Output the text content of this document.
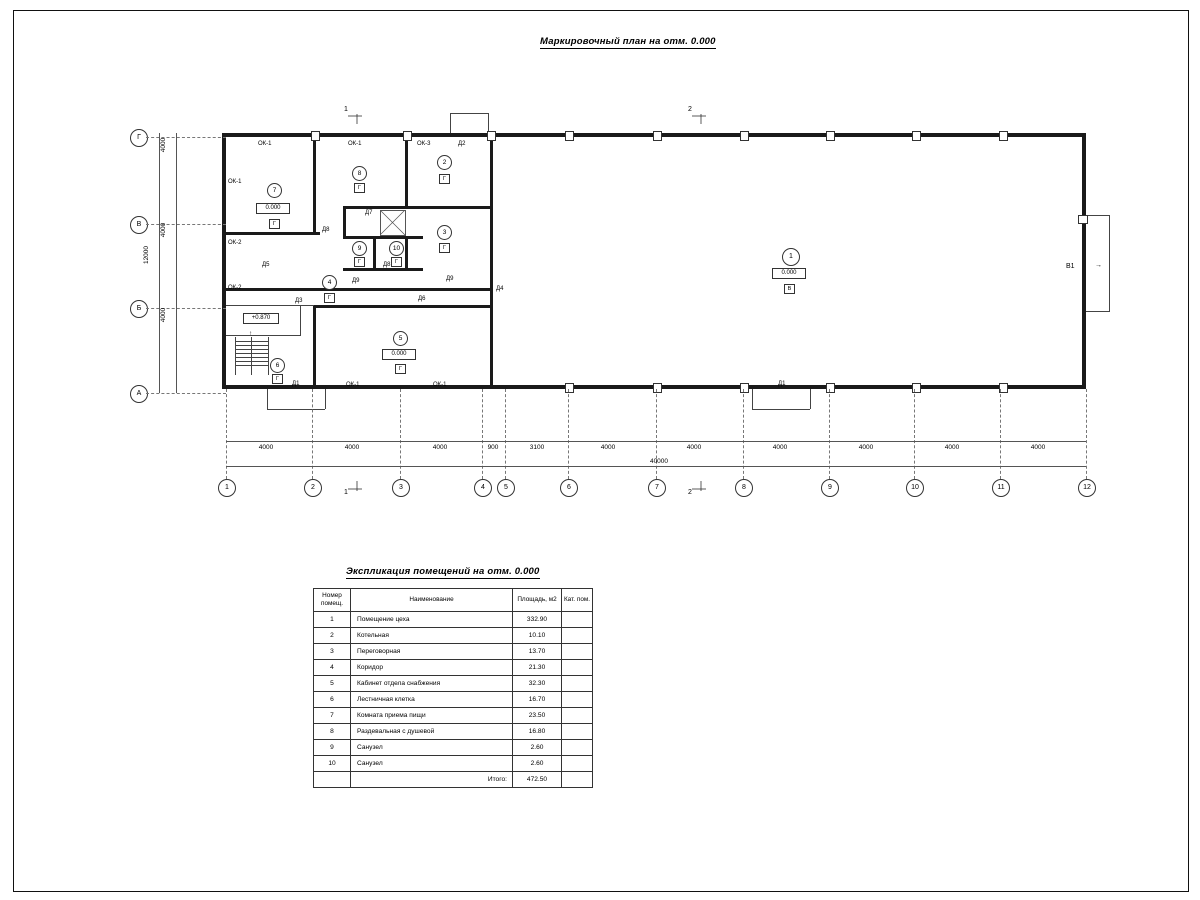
Маркировочный план на отм. 0.000
В1	→
↑
ОК-1	ОК-1	ОК-3
ОК-1
ОК-2
ОК-2
ОК-1	ОК-1
Д2
Д7
Д8
Д8
Д5
Д9	Д9
Д3	Д6
Д4
Д1	Д1
1
0.000
В
2
Г
3
Г
4
Г
5
0.000
Г
6
Г
7
0.000
Г
8
Г
9
Г
10
Г
+0.870
Г
В
Б
А
4000
4000
4000
12000
1	2	3	4	5	6	7	8	9	10	11	12
4000	4000	4000	900	3100	4000	4000	4000	4000	4000	4000
40000
1
1
2
2
Экспликация помещений на отм. 0.000
Номер помещ.	Наименование	Площадь, м2	Кат. пом.
1	Помещение цеха	332.90	
2	Котельная	10.10	
3	Переговорная	13.70	
4	Коридор	21.30	
5	Кабинет отдела снабжения	32.30	
6	Лестничная клетка	16.70	
7	Комната приема пищи	23.50	
8	Раздевальная с душевой	16.80	
9	Санузел	2.60	
10	Санузел	2.60	
	Итого:	472.50	
